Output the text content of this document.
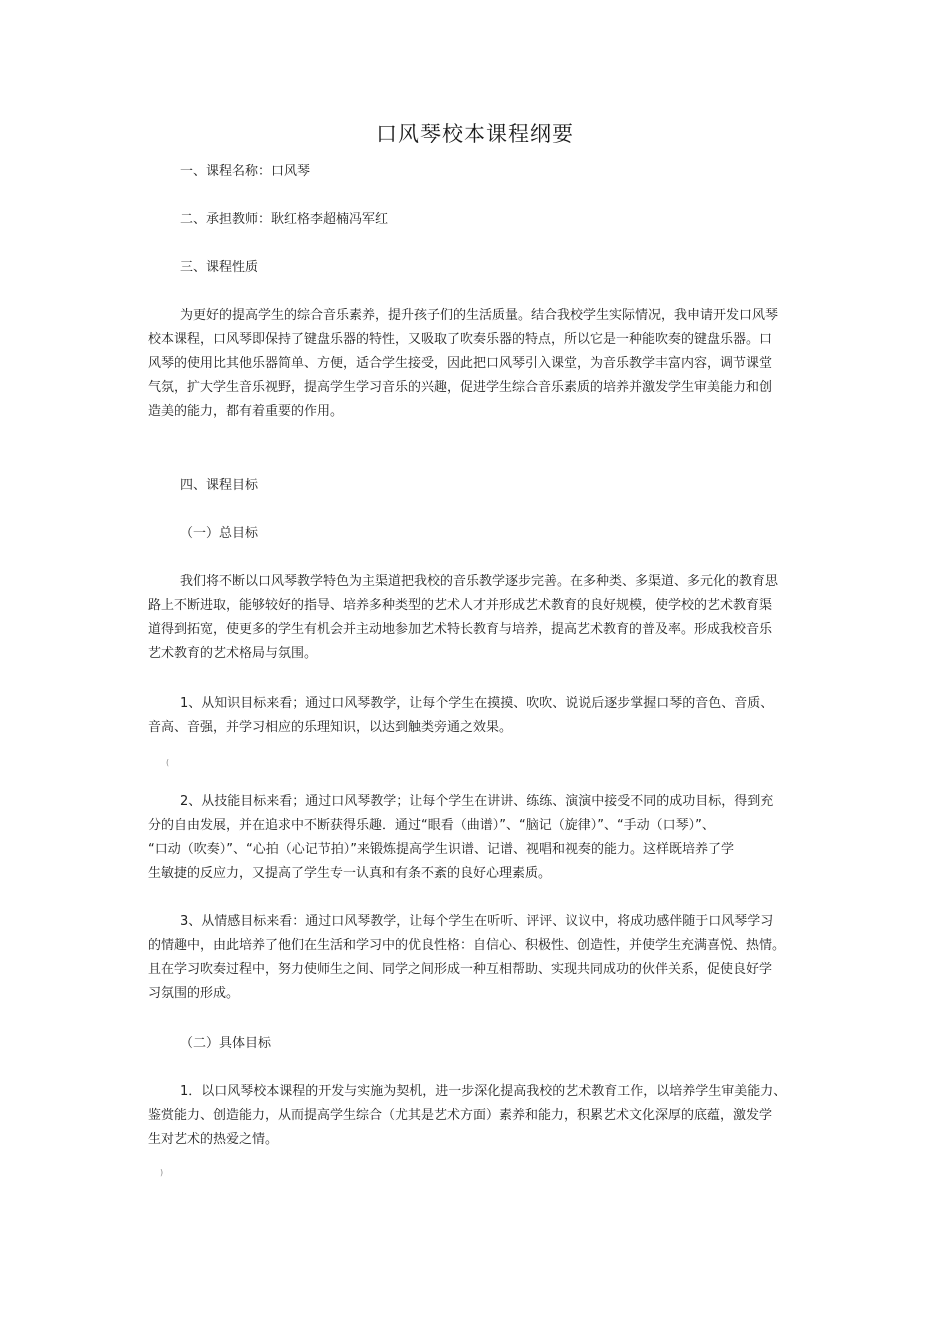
口风琴校本课程纲要
一、课程名称：口风琴
二、承担教师：耿红格李超楠冯军红
三、课程性质
为更好的提高学生的综合音乐素养，提升孩子们的生活质量。结合我校学生实际情况，我申请开发口风琴
校本课程，口风琴即保持了键盘乐器的特性，又吸取了吹奏乐器的特点，所以它是一种能吹奏的键盘乐器。口
风琴的使用比其他乐器简单、方便，适合学生接受，因此把口风琴引入课堂，为音乐教学丰富内容，调节课堂
气氛，扩大学生音乐视野，提高学生学习音乐的兴趣，促进学生综合音乐素质的培养并激发学生审美能力和创
造美的能力，都有着重要的作用。
四、课程目标
（一）总目标
我们将不断以口风琴教学特色为主渠道把我校的音乐教学逐步完善。在多种类、多渠道、多元化的教育思
路上不断进取，能够较好的指导、培养多种类型的艺术人才并形成艺术教育的良好规模，使学校的艺术教育渠
道得到拓宽，使更多的学生有机会并主动地参加艺术特长教育与培养，提高艺术教育的普及率。形成我校音乐
艺术教育的艺术格局与氛围。
1、从知识目标来看；通过口风琴教学，让每个学生在摸摸、吹吹、说说后逐步掌握口琴的音色、音质、
音高、音强，并学习相应的乐理知识，以达到触类旁通之效果。
(
2、从技能目标来看；通过口风琴教学；让每个学生在讲讲、练练、演演中接受不同的成功目标，得到充
分的自由发展，并在追求中不断获得乐趣．通过“眼看（曲谱）”、“脑记（旋律）”、“手动（口琴）”、
“口动（吹奏）”、“心拍（心记节拍）”来锻炼提高学生识谱、记谱、视唱和视奏的能力。这样既培养了学
生敏捷的反应力，又提高了学生专一认真和有条不紊的良好心理素质。
3、从情感目标来看：通过口风琴教学，让每个学生在听听、评评、议议中，将成功感伴随于口风琴学习
的情趣中，由此培养了他们在生活和学习中的优良性格：自信心、积极性、创造性，并使学生充满喜悦、热情。
且在学习吹奏过程中，努力使师生之间、同学之间形成一种互相帮助、实现共同成功的伙伴关系，促使良好学
习氛围的形成。
（二）具体目标
1．以口风琴校本课程的开发与实施为契机，进一步深化提高我校的艺术教育工作，以培养学生审美能力、
鉴赏能力、创造能力，从而提高学生综合（尤其是艺术方面）素养和能力，积累艺术文化深厚的底蕴，激发学
生对艺术的热爱之情。
)
